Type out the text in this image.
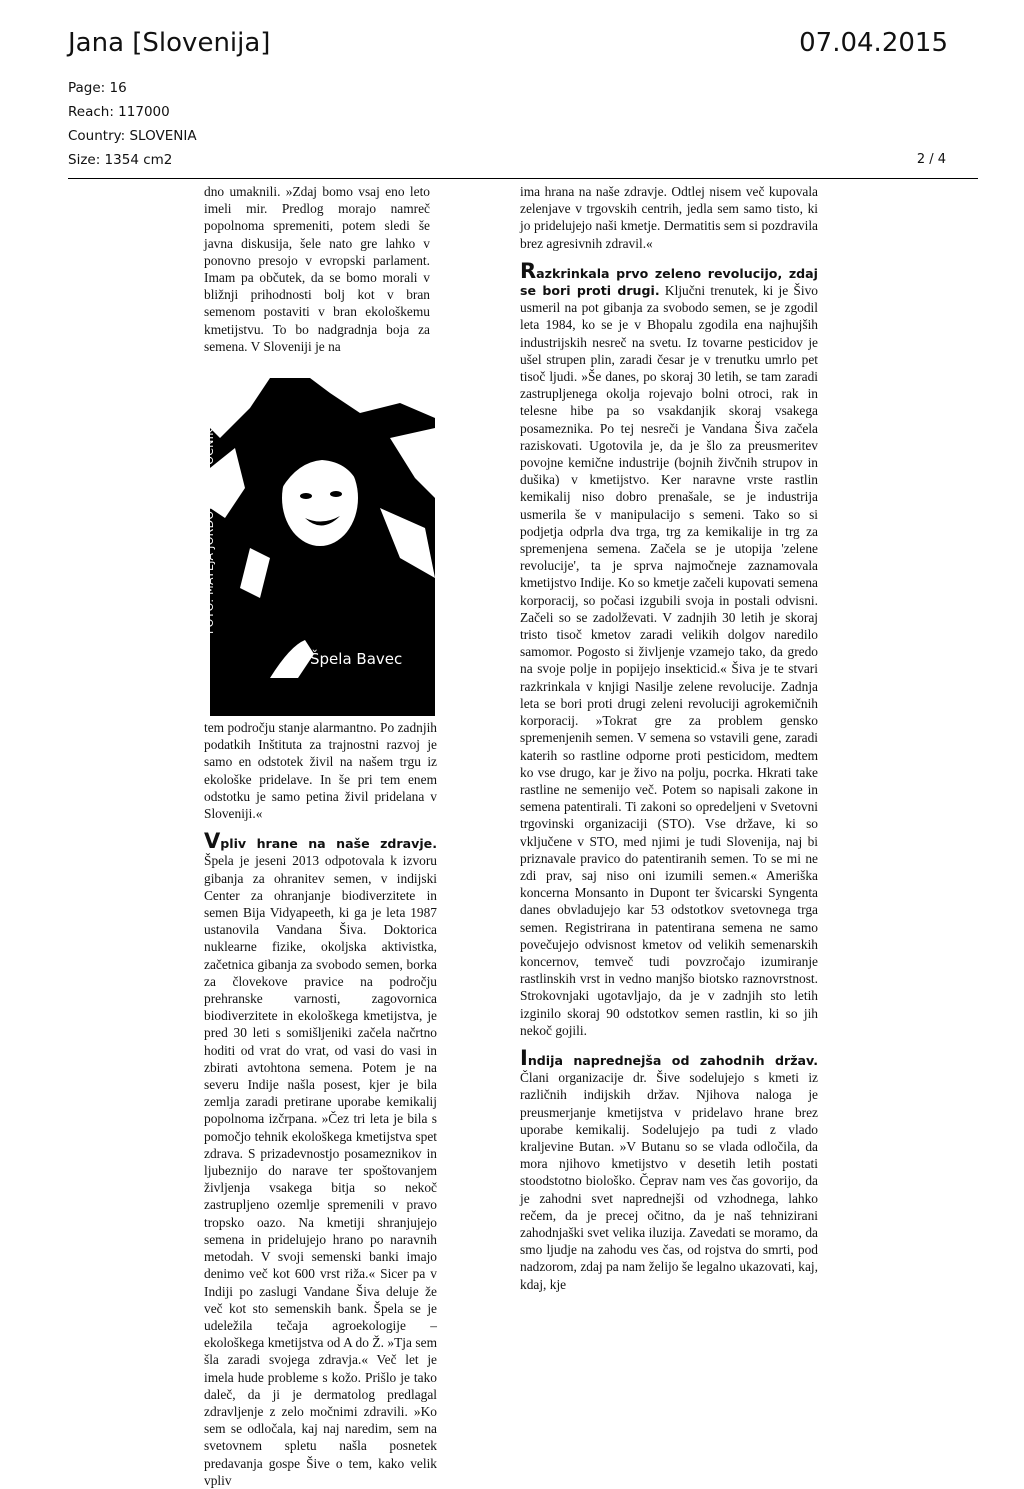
Jana [Slovenija]	07.04.2015
Page: 16
Reach: 117000
Country: SLOVENIA
Size: 1354 cm2	2 / 4

dno umaknili. »Zdaj bomo vsaj eno leto imeli mir. Predlog morajo namreč popolnoma spremeniti, potem sledi še javna diskusija, šele nato gre lahko v ponovno presojo v evropski parlament. Imam pa občutek, da se bomo morali v bližnji prihodnosti bolj kot v bran semenom postaviti v bran ekološkemu kmetijstvu. To bo nadgradnja boja za semena. V Sloveniji je na

FOTO: MATEJA JORDOVIČ POTOČNIK
Špela Bavec

tem področju stanje alarmantno. Po zadnjih podatkih Inštituta za trajnostni razvoj je samo en odstotek živil na našem trgu iz ekološke pridelave. In še pri tem enem odstotku je samo petina živil pridelana v Sloveniji.«

Vpliv hrane na naše zdravje. Špela je jeseni 2013 odpotovala k izvoru gibanja za ohranitev semen, v indijski Center za ohranjanje biodiverzitete in semen Bija Vidyapeeth, ki ga je leta 1987 ustanovila Vandana Šiva. Doktorica nuklearne fizike, okoljska aktivistka, začetnica gibanja za svobodo semen, borka za človekove pravice na področju prehranske varnosti, zagovornica biodiverzitete in ekološkega kmetijstva, je pred 30 leti s somišljeniki začela načrtno hoditi od vrat do vrat, od vasi do vasi in zbirati avtohtona semena. Potem je na severu Indije našla posest, kjer je bila zemlja zaradi pretirane uporabe kemikalij popolnoma izčrpana. »Čez tri leta je bila s pomočjo tehnik ekološkega kmetijstva spet zdrava. S prizadevnostjo posameznikov in ljubeznijo do narave ter spoštovanjem življenja vsakega bitja so nekoč zastrupljeno ozemlje spremenili v pravo tropsko oazo. Na kmetiji shranjujejo semena in pridelujejo hrano po naravnih metodah. V svoji semenski banki imajo denimo več kot 600 vrst riža.« Sicer pa v Indiji po zaslugi Vandane Šiva deluje že več kot sto semenskih bank. Špela se je udeležila tečaja agroekologije – ekološkega kmetijstva od A do Ž. »Tja sem šla zaradi svojega zdravja.« Več let je imela hude probleme s kožo. Prišlo je tako daleč, da ji je dermatolog predlagal zdravljenje z zelo močnimi zdravili. »Ko sem se odločala, kaj naj naredim, sem na svetovnem spletu našla posnetek predavanja gospe Šive o tem, kako velik vpliv

ima hrana na naše zdravje. Odtlej nisem več kupovala zelenjave v trgovskih centrih, jedla sem samo tisto, ki jo pridelujejo naši kmetje. Dermatitis sem si pozdravila brez agresivnih zdravil.«

Razkrinkala prvo zeleno revolucijo, zdaj se bori proti drugi. Ključni trenutek, ki je Šivo usmeril na pot gibanja za svobodo semen, se je zgodil leta 1984, ko se je v Bhopalu zgodila ena najhujših industrijskih nesreč na svetu. Iz tovarne pesticidov je ušel strupen plin, zaradi česar je v trenutku umrlo pet tisoč ljudi. »Še danes, po skoraj 30 letih, se tam zaradi zastrupljenega okolja rojevajo bolni otroci, rak in telesne hibe pa so vsakdanjik skoraj vsakega posameznika. Po tej nesreči je Vandana Šiva začela raziskovati. Ugotovila je, da je šlo za preusmeritev povojne kemične industrije (bojnih živčnih strupov in dušika) v kmetijstvo. Ker naravne vrste rastlin kemikalij niso dobro prenašale, se je industrija usmerila še v manipulacijo s semeni. Tako so si podjetja odprla dva trga, trg za kemikalije in trg za spremenjena semena. Začela se je utopija 'zelene revolucije', ta je sprva najmočneje zaznamovala kmetijstvo Indije. Ko so kmetje začeli kupovati semena korporacij, so počasi izgubili svoja in postali odvisni. Začeli so se zadolževati. V zadnjih 30 letih je skoraj tristo tisoč kmetov zaradi velikih dolgov naredilo samomor. Pogosto si življenje vzamejo tako, da gredo na svoje polje in popijejo insekticid.« Šiva je te stvari razkrinkala v knjigi Nasilje zelene revolucije. Zadnja leta se bori proti drugi zeleni revoluciji agrokemičnih korporacij. »Tokrat gre za problem gensko spremenjenih semen. V semena so vstavili gene, zaradi katerih so rastline odporne proti pesticidom, medtem ko vse drugo, kar je živo na polju, pocrka. Hkrati take rastline ne semenijo več. Potem so napisali zakone in semena patentirali. Ti zakoni so opredeljeni v Svetovni trgovinski organizaciji (STO). Vse države, ki so vključene v STO, med njimi je tudi Slovenija, naj bi priznavale pravico do patentiranih semen. To se mi ne zdi prav, saj niso oni izumili semen.« Ameriška koncerna Monsanto in Dupont ter švicarski Syngenta danes obvladujejo kar 53 odstotkov svetovnega trga semen. Registrirana in patentirana semena ne samo povečujejo odvisnost kmetov od velikih semenarskih koncernov, temveč tudi povzročajo izumiranje rastlinskih vrst in vedno manjšo biotsko raznovrstnost. Strokovnjaki ugotavljajo, da je v zadnjih sto letih izginilo skoraj 90 odstotkov semen rastlin, ki so jih nekoč gojili.

Indija naprednejša od zahodnih držav. Člani organizacije dr. Šive sodelujejo s kmeti iz različnih indijskih držav. Njihova naloga je preusmerjanje kmetijstva v pridelavo hrane brez uporabe kemikalij. Sodelujejo pa tudi z vlado kraljevine Butan. »V Butanu so se vlada odločila, da mora njihovo kmetijstvo v desetih letih postati stoodstotno biološko. Čeprav nam ves čas govorijo, da je zahodni svet naprednejši od vzhodnega, lahko rečem, da je precej očitno, da je naš tehnizirani zahodnjaški svet velika iluzija. Zavedati se moramo, da smo ljudje na zahodu ves čas, od rojstva do smrti, pod nadzorom, zdaj pa nam želijo še legalno ukazovati, kaj, kdaj, kje
